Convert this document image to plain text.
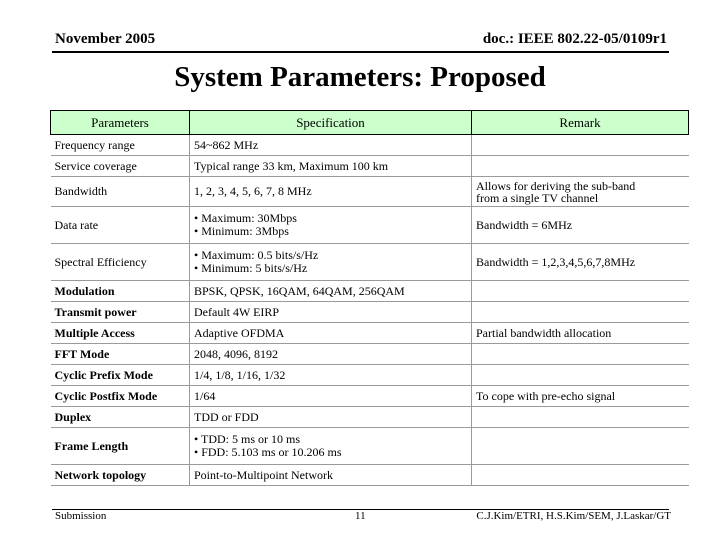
November 2005	doc.: IEEE 802.22-05/0109r1
System Parameters: Proposed
Parameters	Specification	Remark
Frequency range	54~862 MHz	

Service coverage	Typical range 33 km, Maximum 100 km	

Bandwidth	1, 2, 3, 4, 5, 6, 7, 8 MHz	Allows for deriving the sub-band
from a single TV channel

Data rate	• Maximum: 30Mbps
• Minimum: 3Mbps	Bandwidth = 6MHz

Spectral Efficiency	• Maximum: 0.5 bits/s/Hz
• Minimum: 5 bits/s/Hz	Bandwidth = 1,2,3,4,5,6,7,8MHz

Modulation	BPSK, QPSK, 16QAM, 64QAM, 256QAM	

Transmit power	Default 4W EIRP	

Multiple Access	Adaptive OFDMA	Partial bandwidth allocation

FFT Mode	2048, 4096, 8192	

Cyclic Prefix Mode	1/4, 1/8, 1/16, 1/32	

Cyclic Postfix Mode	1/64	To cope with pre-echo signal

Duplex	TDD or FDD	

Frame Length	• TDD: 5 ms or 10 ms
• FDD: 5.103 ms or 10.206 ms	

Network topology	Point-to-Multipoint Network	

Submission	11	C.J.Kim/ETRI, H.S.Kim/SEM, J.Laskar/GT
